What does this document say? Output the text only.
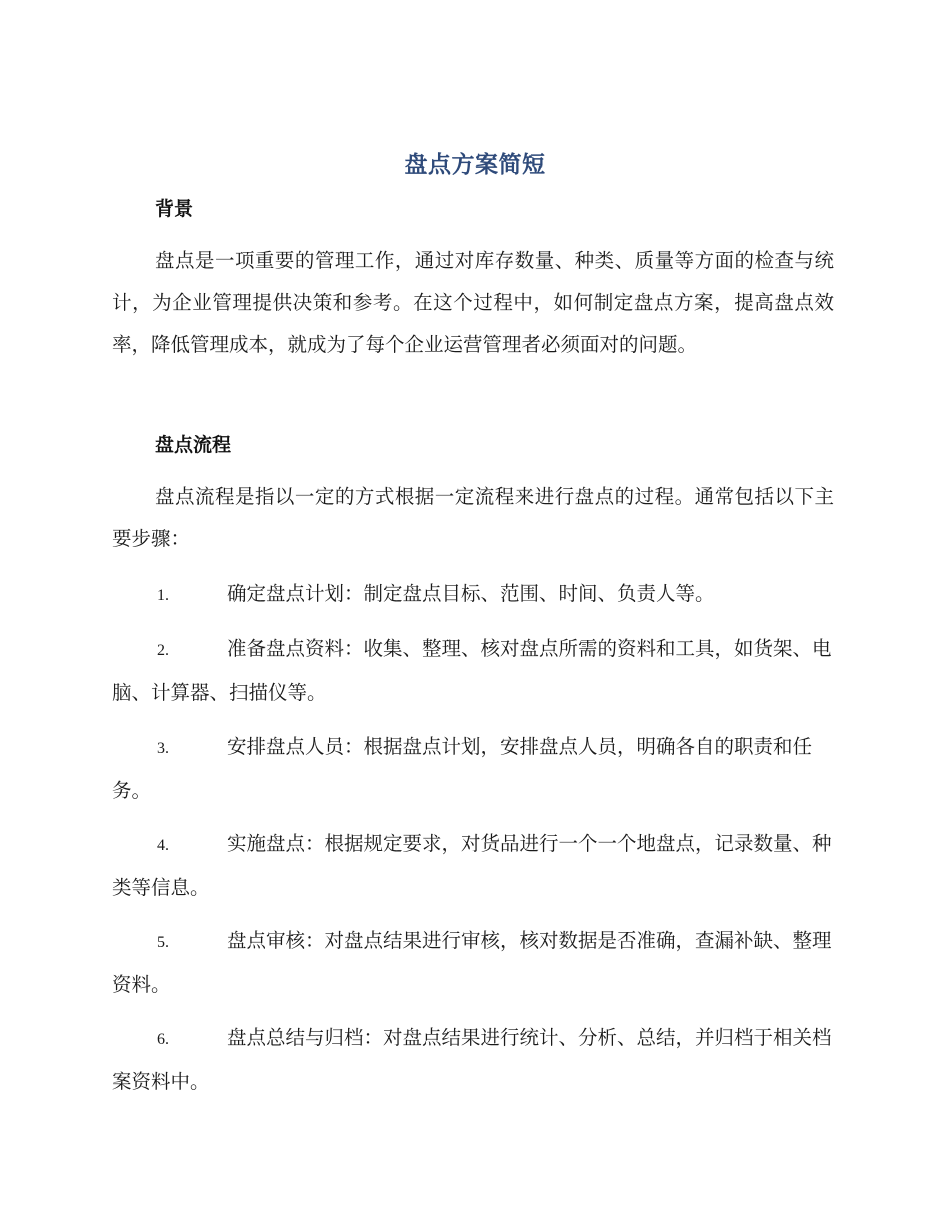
盘点方案简短
背景

盘点是一项重要的管理工作，通过对库存数量、种类、质量等方面的检查与统计，为企业管理提供决策和参考。在这个过程中，如何制定盘点方案，提高盘点效率，降低管理成本，就成为了每个企业运营管理者必须面对的问题。

盘点流程

盘点流程是指以一定的方式根据一定流程来进行盘点的过程。通常包括以下主要步骤：

1.	确定盘点计划：制定盘点目标、范围、时间、负责人等。

2.	准备盘点资料：收集、整理、核对盘点所需的资料和工具，如货架、电脑、计算器、扫描仪等。

3.	安排盘点人员：根据盘点计划，安排盘点人员，明确各自的职责和任务。

4.	实施盘点：根据规定要求，对货品进行一个一个地盘点，记录数量、种类等信息。

5.	盘点审核：对盘点结果进行审核，核对数据是否准确，查漏补缺、整理资料。

6.	盘点总结与归档：对盘点结果进行统计、分析、总结，并归档于相关档案资料中。
